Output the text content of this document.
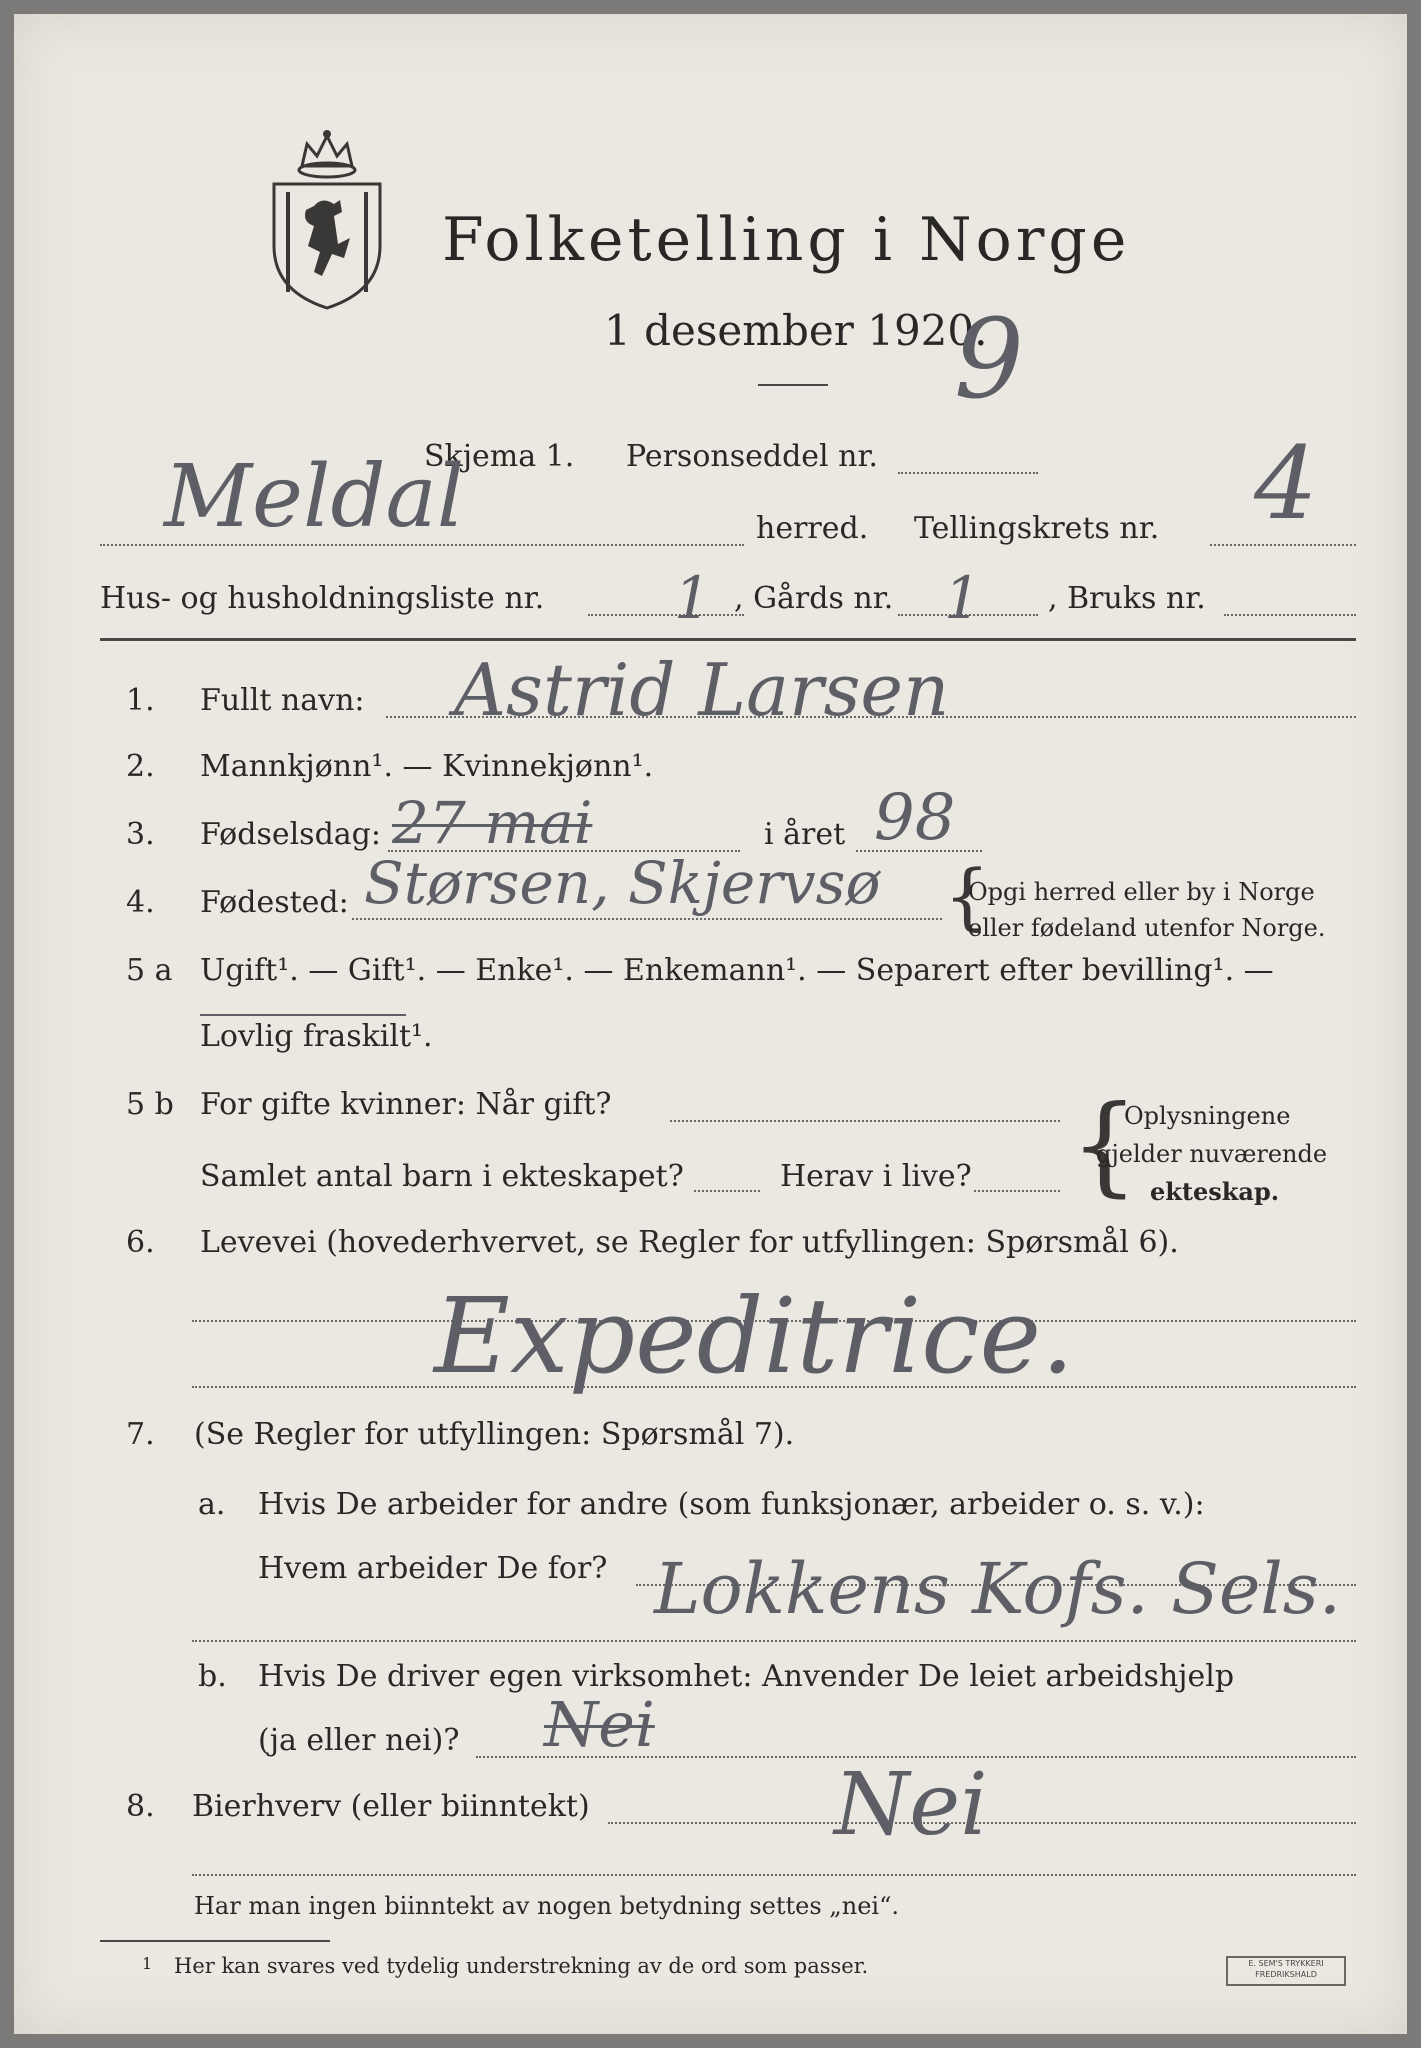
Folketelling i Norge
1 desember 1920.
9
Skjema 1. Personseddel nr.
Meldal	herred. Tellingskrets nr. 4
Hus- og husholdningsliste nr. 1 , Gårds nr. 1 , Bruks nr.
1. Fullt navn: Astrid Larsen
2. Mannkjønn¹. — Kvinnekjønn¹.
3. Fødselsdag: 27 mai	i året 98
4. Fødested: Størsen, Skjervsø {
Opgi herred eller by i Norge
eller fødeland utenfor Norge.
5 a Ugift¹. — Gift¹. — Enke¹. — Enkemann¹. — Separert efter bevilling¹. —
Lovlig fraskilt¹.
5 b For gifte kvinner: Når gift?
Samlet antal barn i ekteskapet?	Herav i live? {
Oplysningene
gjelder nuværende
ekteskap.
6. Levevei (hovederhvervet, se Regler for utfyllingen: Spørsmål 6).
Expeditrice.
7. (Se Regler for utfyllingen: Spørsmål 7).
a. Hvis De arbeider for andre (som funksjonær, arbeider o. s. v.):
Hvem arbeider De for? Lokkens Kofs. Sels.
b. Hvis De driver egen virksomhet: Anvender De leiet arbeidshjelp
(ja eller nei)? Nei
8. Bierhverv (eller biinntekt)	Nei
Har man ingen biinntekt av nogen betydning settes „nei“.
1 Her kan svares ved tydelig understrekning av de ord som passer.	E. SEM'S TRYKKERI FREDRIKSHALD
